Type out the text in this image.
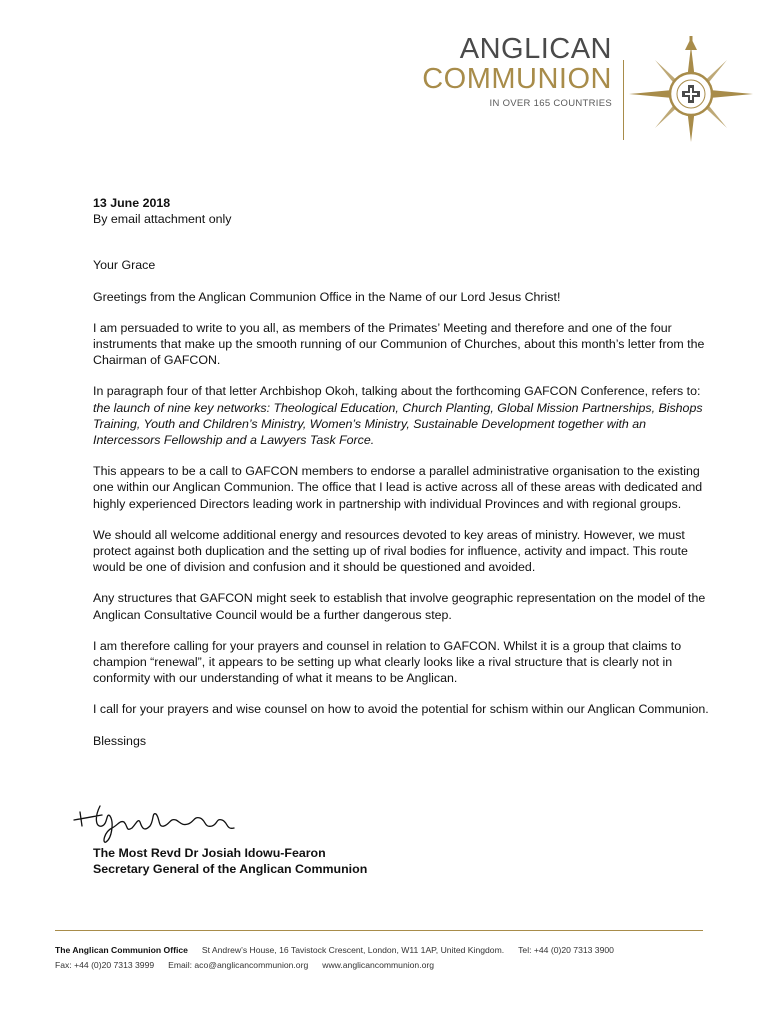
ANGLICAN
COMMUNION
IN OVER 165 COUNTRIES

13 June 2018

By email attachment only

Your Grace

Greetings from the Anglican Communion Office in the Name of our Lord Jesus Christ!

I am persuaded to write to you all, as members of the Primates’ Meeting and therefore and one of the four instruments that make up the smooth running of our Communion of Churches, about this month’s letter from the Chairman of GAFCON.

In paragraph four of that letter Archbishop Okoh, talking about the forthcoming GAFCON Conference, refers to: the launch of nine key networks: Theological Education, Church Planting, Global Mission Partnerships, Bishops Training, Youth and Children’s Ministry, Women’s Ministry, Sustainable Development together with an Intercessors Fellowship and a Lawyers Task Force.

This appears to be a call to GAFCON members to endorse a parallel administrative organisation to the existing one within our Anglican Communion. The office that I lead is active across all of these areas with dedicated and highly experienced Directors leading work in partnership with individual Provinces and with regional groups.

We should all welcome additional energy and resources devoted to key areas of ministry. However, we must protect against both duplication and the setting up of rival bodies for influence, activity and impact. This route would be one of division and confusion and it should be questioned and avoided.

Any structures that GAFCON might seek to establish that involve geographic representation on the model of the Anglican Consultative Council would be a further dangerous step.

I am therefore calling for your prayers and counsel in relation to GAFCON. Whilst it is a group that claims to champion “renewal”, it appears to be setting up what clearly looks like a rival structure that is clearly not in conformity with our understanding of what it means to be Anglican.

I call for your prayers and wise counsel on how to avoid the potential for schism within our Anglican Communion.

Blessings

The Most Revd Dr Josiah Idowu-Fearon
Secretary General of the Anglican Communion
The Anglican Communion Office St Andrew’s House, 16 Tavistock Crescent, London, W11 1AP, United Kingdom. Tel: +44 (0)20 7313 3900
Fax: +44 (0)20 7313 3999 Email: aco@anglicancommunion.org www.anglicancommunion.org
